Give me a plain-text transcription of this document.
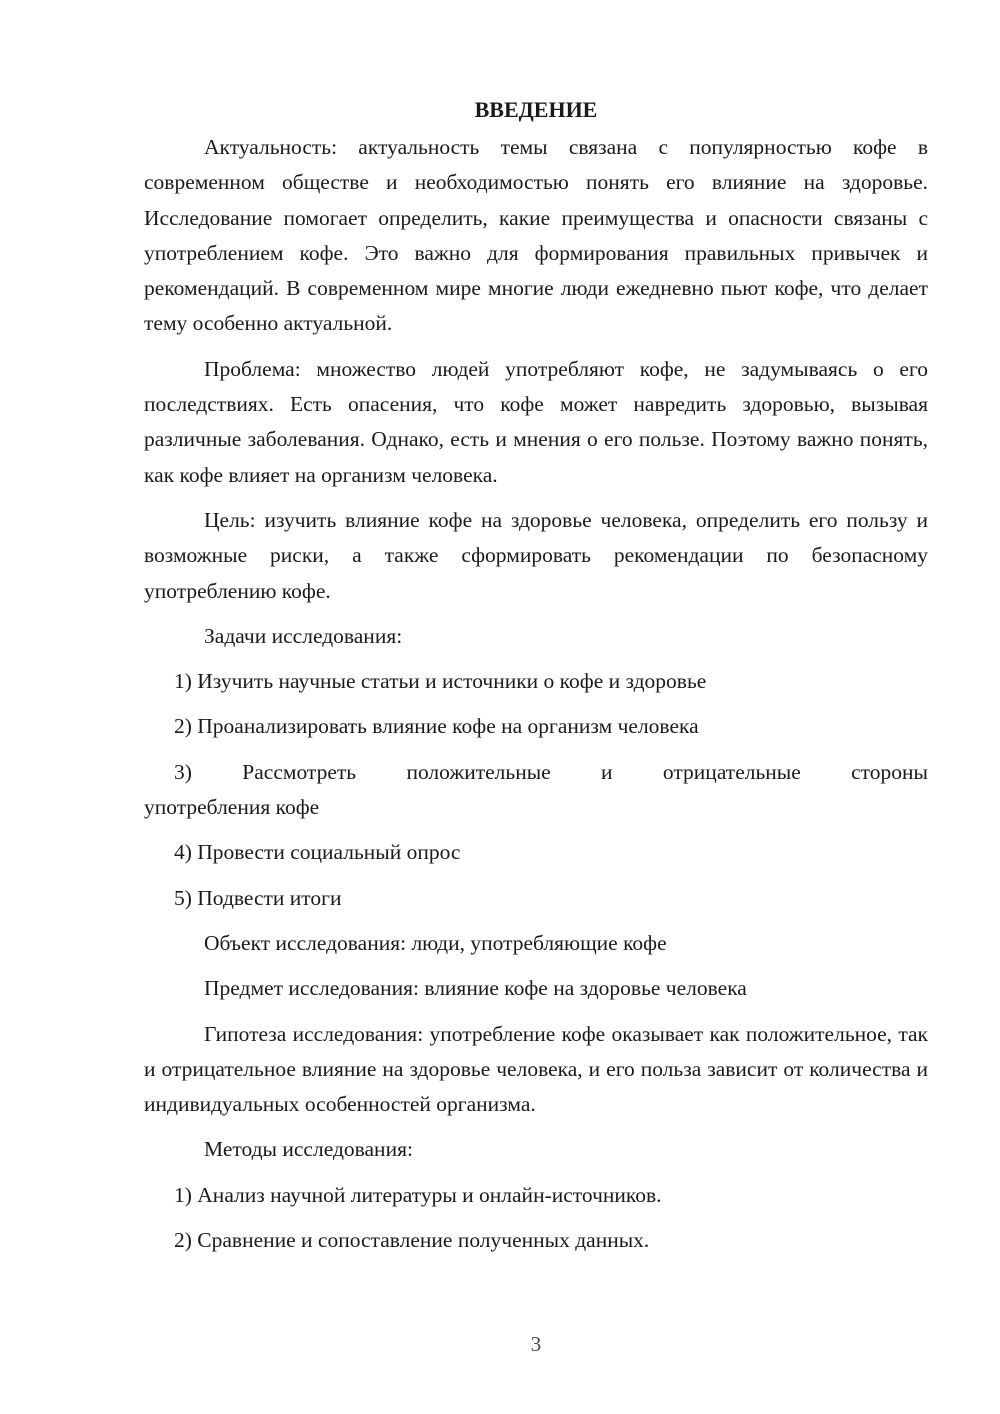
ВВЕДЕНИЕ

Актуальность: актуальность темы связана с популярностью кофе в современном обществе и необходимостью понять его влияние на здоровье. Исследование помогает определить, какие преимущества и опасности связаны с употреблением кофе. Это важно для формирования правильных привычек и рекомендаций. В современном мире многие люди ежедневно пьют кофе, что делает тему особенно актуальной.

Проблема: множество людей употребляют кофе, не задумываясь о его последствиях. Есть опасения, что кофе может навредить здоровью, вызывая различные заболевания. Однако, есть и мнения о его пользе. Поэтому важно понять, как кофе влияет на организм человека.

Цель: изучить влияние кофе на здоровье человека, определить его пользу и возможные риски, а также сформировать рекомендации по безопасному употреблению кофе.

Задачи исследования:
1) Изучить научные статьи и источники о кофе и здоровье
2) Проанализировать влияние кофе на организм человека
3) Рассмотреть положительные и отрицательные стороны
употребления кофе
4) Провести социальный опрос
5) Подвести итоги
Объект исследования: люди, употребляющие кофе
Предмет исследования: влияние кофе на здоровье человека

Гипотеза исследования: употребление кофе оказывает как положительное, так и отрицательное влияние на здоровье человека, и его польза зависит от количества и индивидуальных особенностей организма.

Методы исследования:
1) Анализ научной литературы и онлайн-источников.
2) Сравнение и сопоставление полученных данных.
3
